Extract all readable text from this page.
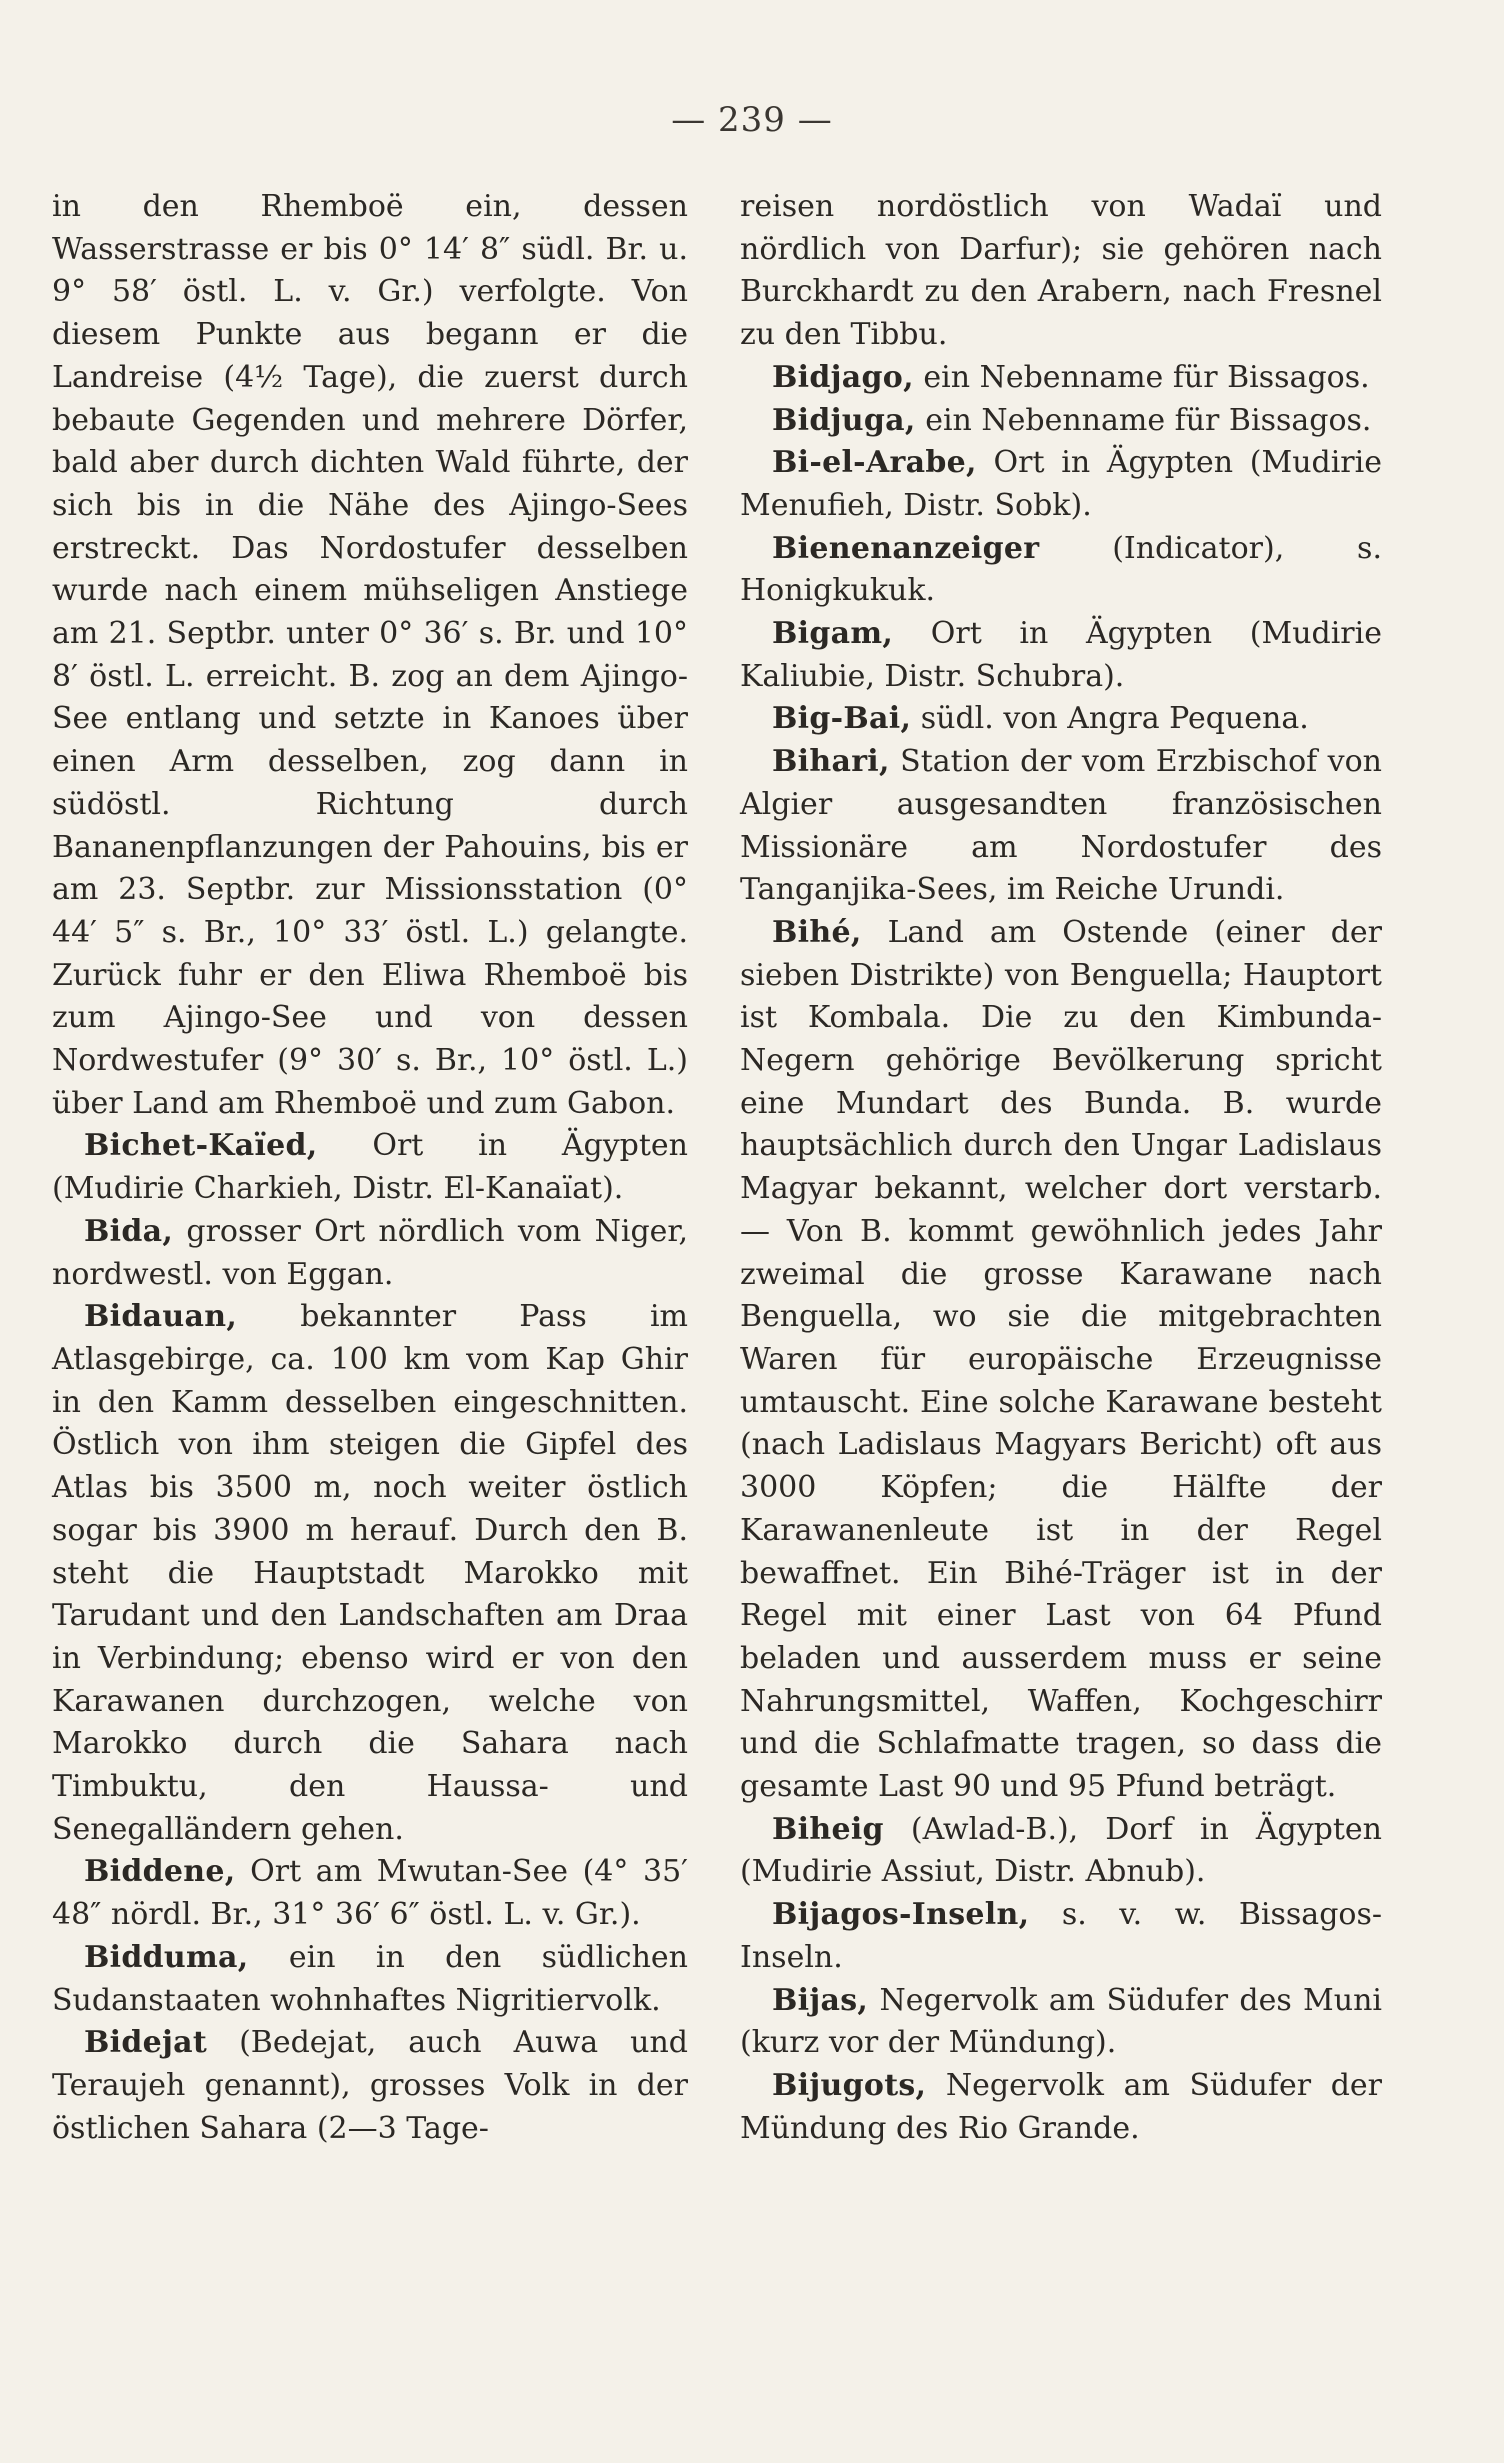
— 239 —

in den Rhemboë ein, dessen Wasserstrasse er bis 0° 14′ 8″ südl. Br. u. 9° 58′ östl. L. v. Gr.) verfolgte. Von diesem Punkte aus begann er die Landreise (4½ Tage), die zuerst durch bebaute Gegenden und mehrere Dörfer, bald aber durch dichten Wald führte, der sich bis in die Nähe des Ajingo-Sees erstreckt. Das Nordostufer desselben wurde nach einem mühseligen Anstiege am 21. Septbr. unter 0° 36′ s. Br. und 10° 8′ östl. L. erreicht. B. zog an dem Ajingo-See entlang und setzte in Kanoes über einen Arm desselben, zog dann in südöstl. Richtung durch Bananenpflanzungen der Pahouins, bis er am 23. Septbr. zur Missionsstation (0° 44′ 5″ s. Br., 10° 33′ östl. L.) gelangte. Zurück fuhr er den Eliwa Rhemboë bis zum Ajingo-See und von dessen Nordwestufer (9° 30′ s. Br., 10° östl. L.) über Land am Rhemboë und zum Gabon.

Bichet-Kaïed, Ort in Ägypten (Mudirie Charkieh, Distr. El-Kanaïat).

Bida, grosser Ort nördlich vom Niger, nordwestl. von Eggan.

Bidauan, bekannter Pass im Atlasgebirge, ca. 100 km vom Kap Ghir in den Kamm desselben eingeschnitten. Östlich von ihm steigen die Gipfel des Atlas bis 3500 m, noch weiter östlich sogar bis 3900 m herauf. Durch den B. steht die Hauptstadt Marokko mit Tarudant und den Landschaften am Draa in Verbindung; ebenso wird er von den Karawanen durchzogen, welche von Marokko durch die Sahara nach Timbuktu, den Haussa- und Senegalländern gehen.

Biddene, Ort am Mwutan-See (4° 35′ 48″ nördl. Br., 31° 36′ 6″ östl. L. v. Gr.).

Bidduma, ein in den südlichen Sudanstaaten wohnhaftes Nigritiervolk.

Bidejat (Bedejat, auch Auwa und Teraujeh genannt), grosses Volk in der östlichen Sahara (2—3 Tage-

reisen nordöstlich von Wadaï und nördlich von Darfur); sie gehören nach Burckhardt zu den Arabern, nach Fresnel zu den Tibbu.

Bidjago, ein Nebenname für Bissagos.

Bidjuga, ein Nebenname für Bissagos.

Bi-el-Arabe, Ort in Ägypten (Mudirie Menufieh, Distr. Sobk).

Bienenanzeiger (Indicator), s. Honigkukuk.

Bigam, Ort in Ägypten (Mudirie Kaliubie, Distr. Schubra).

Big-Bai, südl. von Angra Pequena.

Bihari, Station der vom Erzbischof von Algier ausgesandten französischen Missionäre am Nordostufer des Tanganjika-Sees, im Reiche Urundi.

Bihé, Land am Ostende (einer der sieben Distrikte) von Benguella; Hauptort ist Kombala. Die zu den Kimbunda-Negern gehörige Bevölkerung spricht eine Mundart des Bunda. B. wurde hauptsächlich durch den Ungar Ladislaus Magyar bekannt, welcher dort verstarb. — Von B. kommt gewöhnlich jedes Jahr zweimal die grosse Karawane nach Benguella, wo sie die mitgebrachten Waren für europäische Erzeugnisse umtauscht. Eine solche Karawane besteht (nach Ladislaus Magyars Bericht) oft aus 3000 Köpfen; die Hälfte der Karawanenleute ist in der Regel bewaffnet. Ein Bihé-Träger ist in der Regel mit einer Last von 64 Pfund beladen und ausserdem muss er seine Nahrungsmittel, Waffen, Kochgeschirr und die Schlafmatte tragen, so dass die gesamte Last 90 und 95 Pfund beträgt.

Biheig (Awlad-B.), Dorf in Ägypten (Mudirie Assiut, Distr. Abnub).

Bijagos-Inseln, s. v. w. Bissagos-Inseln.

Bijas, Negervolk am Süduf​er des Muni (kurz vor der Mündung).

Bijugots, Negervolk am Südufer der Mündung des Rio Grande.
